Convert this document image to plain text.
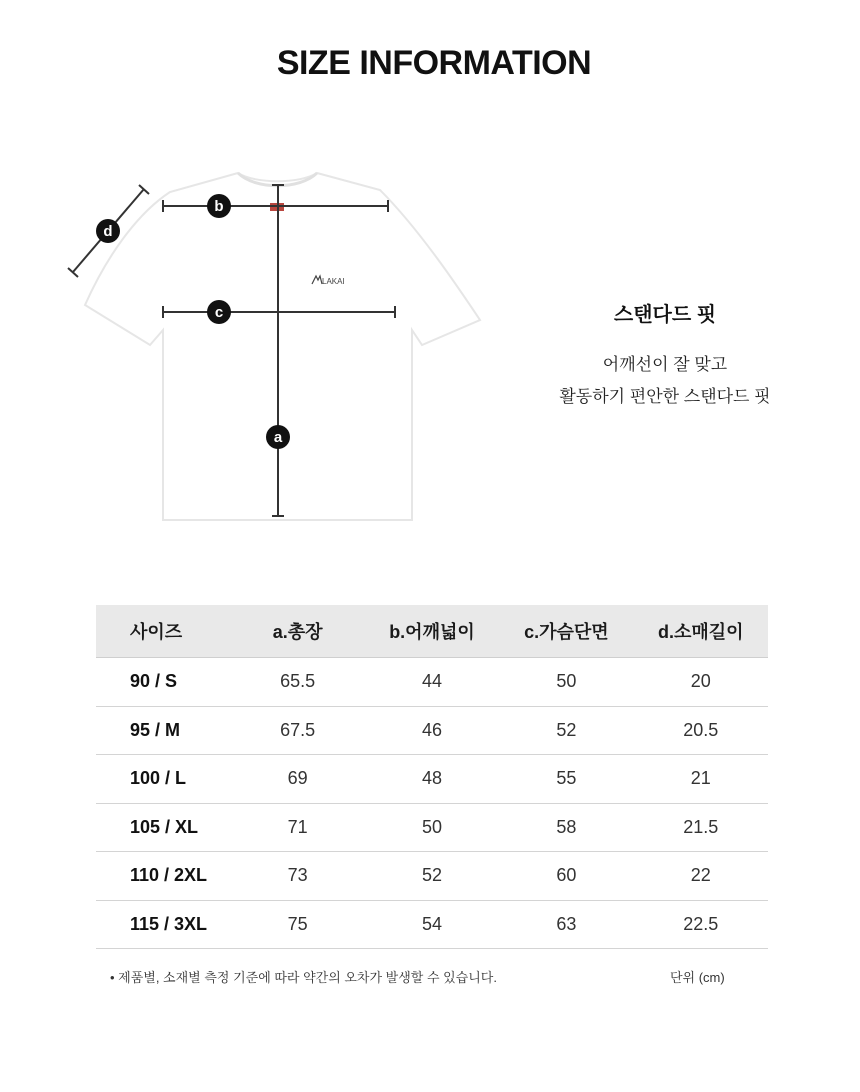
SIZE INFORMATION
LAKAI
b
c
a
d
스탠다드 핏
어깨선이 잘 맞고
활동하기 편안한 스탠다드 핏
사이즈	a.총장	b.어깨넓이	c.가슴단면	d.소매길이
90 / S	65.5	44	50	20
95 / M	67.5	46	52	20.5
100 / L	69	48	55	21
105 / XL	71	50	58	21.5
110 / 2XL	73	52	60	22
115 / 3XL	75	54	63	22.5
• 제품별, 소재별 측정 기준에 따라 약간의 오차가 발생할 수 있습니다.	단위 (cm)
